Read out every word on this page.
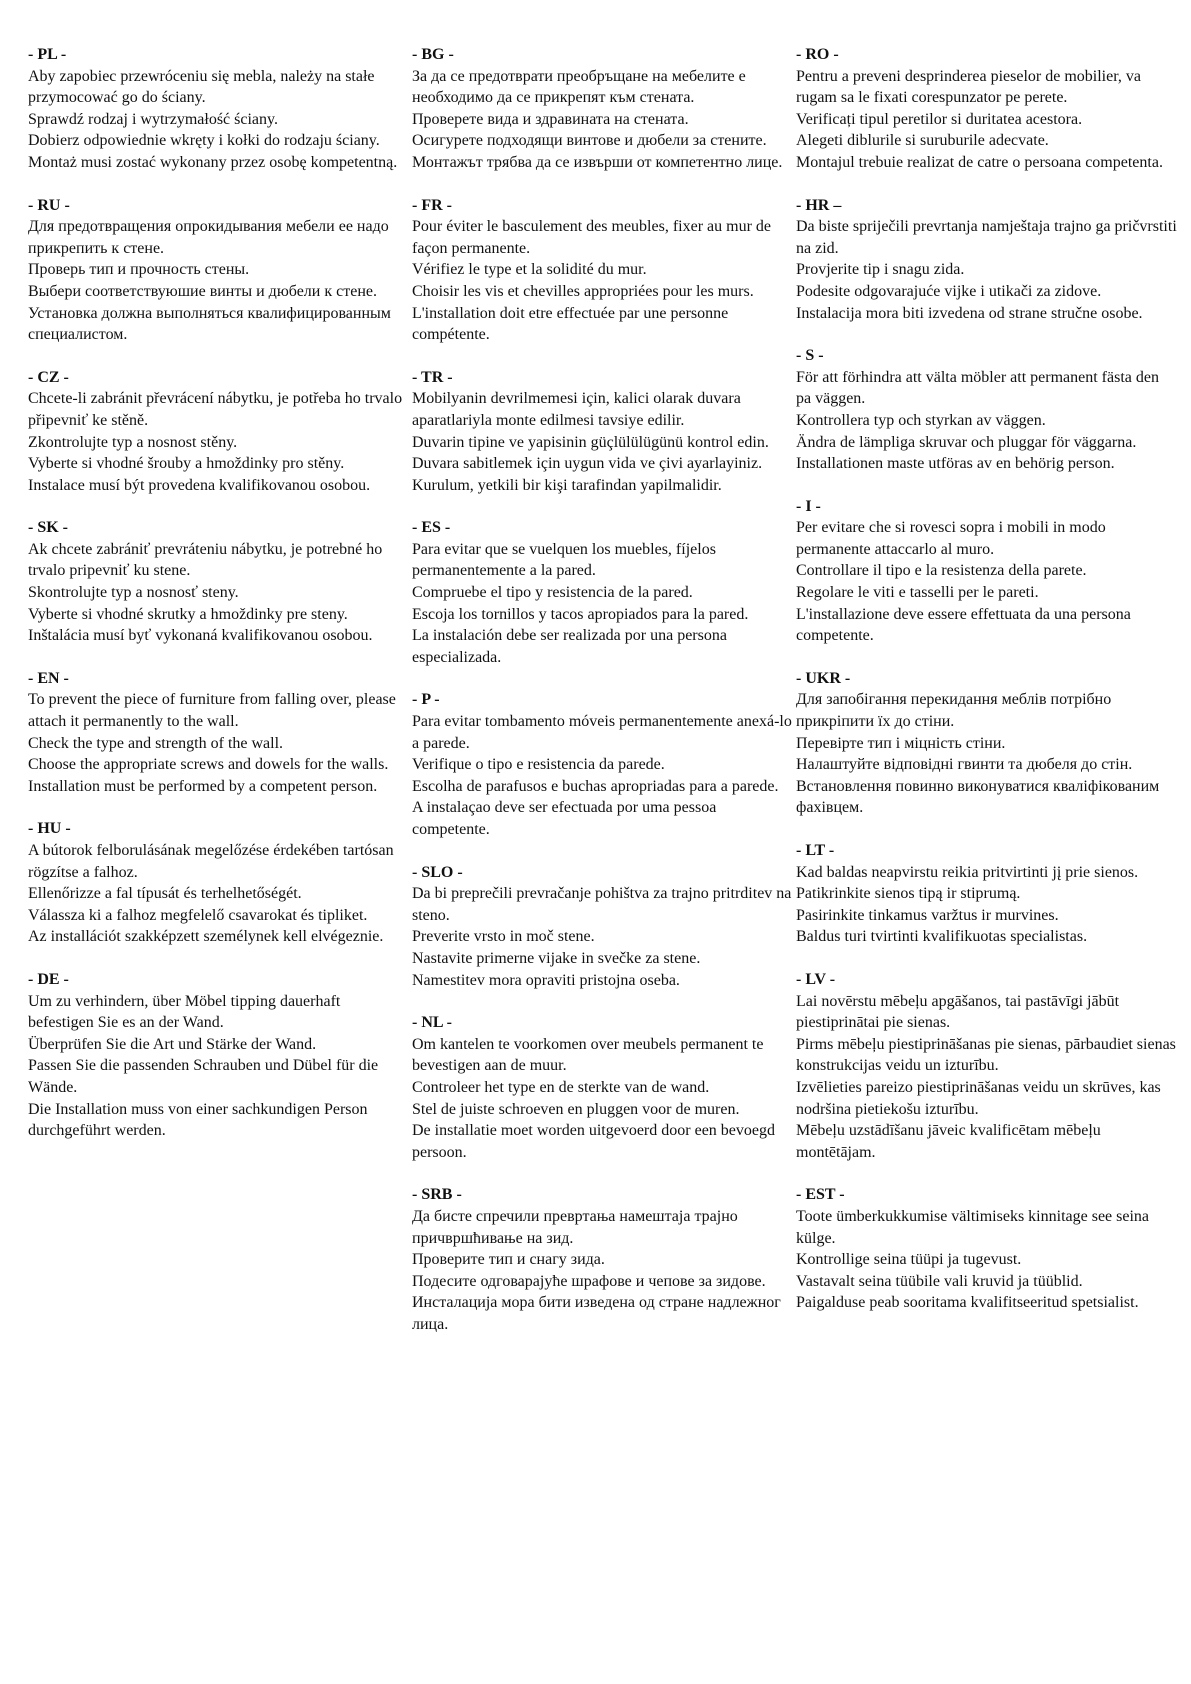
- PL -

Aby zapobiec przewróceniu się mebla, należy na stałe przymocować go do ściany.

Sprawdź rodzaj i wytrzymałość ściany.

Dobierz odpowiednie wkręty i kołki do rodzaju ściany.

Montaż musi zostać wykonany przez osobę kompetentną.

- RU -

Для предотвращения опрокидывания мебели ее надо прикрепить к стене.

Проверь тип и прочность стены.

Выбери соответствуюшие винты и дюбели к стене.

Установка должна выполняться квалифицированным специалистом.

- CZ -

Chcete-li zabránit převrácení nábytku, je potřeba ho trvalo připevniť ke stěně.

Zkontrolujte typ a nosnost stěny.

Vyberte si vhodné šrouby a hmoždinky pro stěny.

Instalace musí být provedena kvalifikovanou osobou.

- SK -

Ak chcete zabrániť prevráteniu nábytku, je potrebné ho trvalo pripevniť ku stene.

Skontrolujte typ a nosnosť steny.

Vyberte si vhodné skrutky a hmoždinky pre steny.

Inštalácia musí byť vykonaná kvalifikovanou osobou.

- EN -

To prevent the piece of furniture from falling over, please attach it permanently to the wall.

Check the type and strength of the wall.

Choose the appropriate screws and dowels for the walls.

Installation must be performed by a competent person.

- HU -

A bútorok felborulásának megelőzése érdekében tartósan rögzítse a falhoz.

Ellenőrizze a fal típusát és terhelhetőségét.

Válassza ki a falhoz megfelelő csavarokat és tipliket.

Az installációt szakképzett személynek kell elvégeznie.

- DE -

Um zu verhindern, über Möbel tipping dauerhaft befestigen Sie es an der Wand.

Überprüfen Sie die Art und Stärke der Wand.

Passen Sie die passenden Schrauben und Dübel für die Wände.

Die Installation muss von einer sachkundigen Person durchgeführt werden.

- BG -

За да се предотврати преобръщане на мебелите е необходимо да се прикрепят към стената.

Проверете вида и здравината на стената.

Осигурете подходящи винтове и дюбели за стените.

Монтажът трябва да се извърши от компетентно лице.

- FR -

Pour éviter le basculement des meubles, fixer au mur de façon permanente.

Vérifiez le type et la solidité du mur.

Choisir les vis et chevilles appropriées pour les murs.

L'installation doit etre effectuée par une personne compétente.

- TR -

Mobilyanin devrilmemesi için, kalici olarak duvara aparatlariyla monte edilmesi tavsiye edilir.

Duvarin tipine ve yapisinin güçlülülügünü kontrol edin.

Duvara sabitlemek için uygun vida ve çivi ayarlayiniz.

Kurulum, yetkili bir kişi tarafindan yapilmalidir.

- ES -

Para evitar que se vuelquen los muebles, fíjelos permanentemente a la pared.

Compruebe el tipo y resistencia de la pared.

Escoja los tornillos y tacos apropiados para la pared.

La instalación debe ser realizada por una persona especializada.

- P -

Para evitar tombamento móveis permanentemente anexá-lo a parede.

Verifique o tipo e resistencia da parede.

Escolha de parafusos e buchas apropriadas para a parede.

A instalaçao deve ser efectuada por uma pessoa competente.

- SLO -

Da bi preprečili prevračanje pohištva za trajno pritrditev na steno.

Preverite vrsto in moč stene.

Nastavite primerne vijake in svečke za stene.

Namestitev mora opraviti pristojna oseba.

- NL -

Om kantelen te voorkomen over meubels permanent te bevestigen aan de muur.

Controleer het type en de sterkte van de wand.

Stel de juiste schroeven en pluggen voor de muren.

De installatie moet worden uitgevoerd door een bevoegd persoon.

- SRB -

Да бисте спречили превртања намештаја трајно причвршћивање на зид.

Проверите тип и снагу зида.

Подесите одговарајуће шрафове и чепове за зидове.

Инсталација мора бити изведена од стране надлежног лица.

- RO -

Pentru a preveni desprinderea pieselor de mobilier, va rugam sa le fixati corespunzator pe perete.

Verificați tipul peretilor si duritatea acestora.

Alegeti diblurile si suruburile adecvate.

Montajul trebuie realizat de catre o persoana competenta.

- HR –

Da biste spriječili prevrtanja namještaja trajno ga pričvrstiti na zid.

Provjerite tip i snagu zida.

Podesite odgovarajuće vijke i utikači za zidove.

Instalacija mora biti izvedena od strane stručne osobe.

- S -

För att förhindra att välta möbler att permanent fästa den pa väggen.

Kontrollera typ och styrkan av väggen.

Ändra de lämpliga skruvar och pluggar för väggarna.

Installationen maste utföras av en behörig person.

- I -

Per evitare che si rovesci sopra i mobili in modo permanente attaccarlo al muro.

Controllare il tipo e la resistenza della parete.

Regolare le viti e tasselli per le pareti.

L'installazione deve essere effettuata da una persona competente.

- UKR -

Для запобігання перекидання меблів потрібно прикріпити їх до стіни.

Перевірте тип і міцність стіни.

Налаштуйте відповідні гвинти та дюбеля до стін.

Встановлення повинно виконуватися кваліфікованим фахівцем.

- LT -

Kad baldas neapvirstu reikia pritvirtinti jį prie sienos.

Patikrinkite sienos tipą ir stiprumą.

Pasirinkite tinkamus varžtus ir murvines.

Baldus turi tvirtinti kvalifikuotas specialistas.

- LV -

Lai novērstu mēbeļu apgāšanos, tai pastāvīgi jābūt piestiprinātai pie sienas.

Pirms mēbeļu piestiprināšanas pie sienas, pārbaudiet sienas konstrukcijas veidu un izturību.

Izvēlieties pareizo piestiprināšanas veidu un skrūves, kas nodršina pietiekošu izturību.

Mēbeļu uzstādīšanu jāveic kvalificētam mēbeļu montētājam.

- EST -

Toote ümberkukkumise vältimiseks kinnitage see seina külge.

Kontrollige seina tüüpi ja tugevust.

Vastavalt seina tüübile vali kruvid ja tüüblid.

Paigalduse peab sooritama kvalifitseeritud spetsialist.
